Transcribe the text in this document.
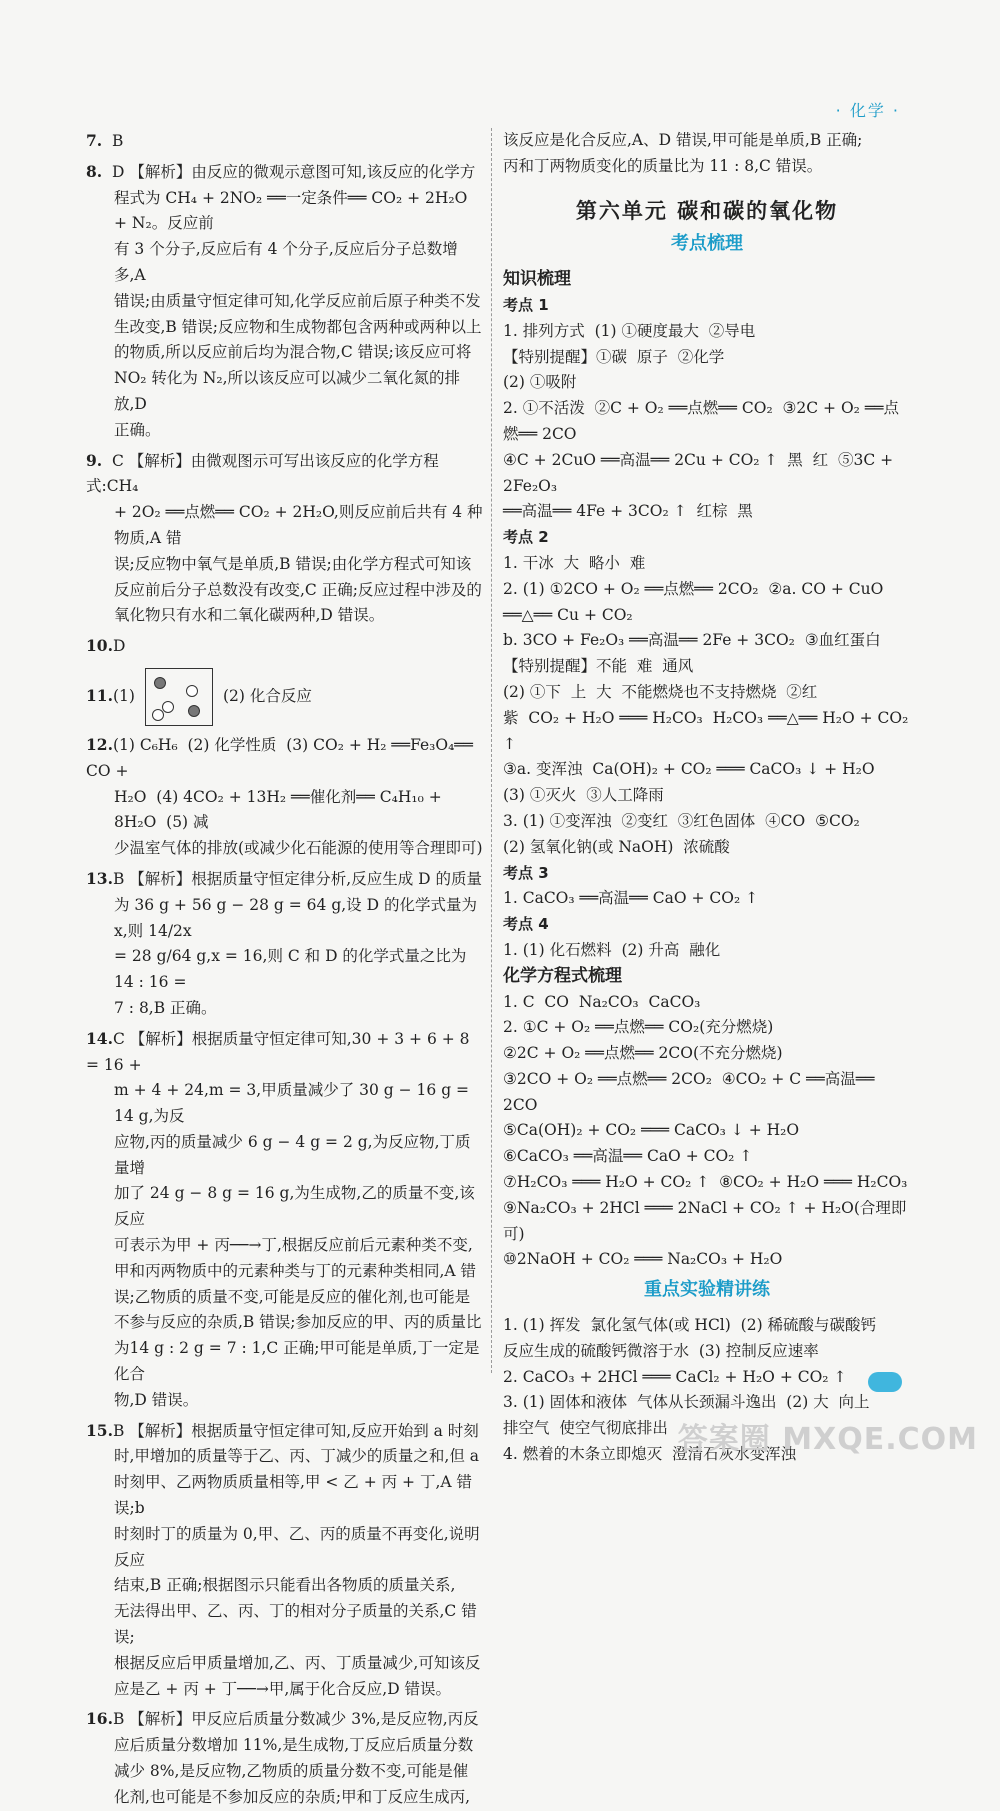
· 化学 ·

7. B

8. D 【解析】由反应的微观示意图可知,该反应的化学方

程式为 CH₄ + 2NO₂ ══一定条件══ CO₂ + 2H₂O + N₂。反应前

有 3 个分子,反应后有 4 个分子,反应后分子总数增多,A

错误;由质量守恒定律可知,化学反应前后原子种类不发

生改变,B 错误;反应物和生成物都包含两种或两种以上

的物质,所以反应前后均为混合物,C 错误;该反应可将

NO₂ 转化为 N₂,所以该反应可以减少二氧化氮的排放,D

正确。

9. C 【解析】由微观图示可写出该反应的化学方程式:CH₄

+ 2O₂ ══点燃══ CO₂ + 2H₂O,则反应前后共有 4 种物质,A 错

误;反应物中氧气是单质,B 错误;由化学方程式可知该

反应前后分子总数没有改变,C 正确;反应过程中涉及的

氧化物只有水和二氧化碳两种,D 错误。

10.D

11.(1)	(2) 化合反应

12.(1) C₆H₆  (2) 化学性质  (3) CO₂ + H₂ ══Fe₃O₄══ CO +

H₂O  (4) 4CO₂ + 13H₂ ══催化剂══ C₄H₁₀ + 8H₂O  (5) 减

少温室气体的排放(或减少化石能源的使用等合理即可)

13.B 【解析】根据质量守恒定律分析,反应生成 D 的质量

为 36 g + 56 g − 28 g = 64 g,设 D 的化学式量为 x,则 14/2x

= 28 g/64 g,x = 16,则 C 和 D 的化学式量之比为 14 : 16 =

7 : 8,B 正确。

14.C 【解析】根据质量守恒定律可知,30 + 3 + 6 + 8 = 16 +

m + 4 + 24,m = 3,甲质量减少了 30 g − 16 g = 14 g,为反

应物,丙的质量减少 6 g − 4 g = 2 g,为反应物,丁质量增

加了 24 g − 8 g = 16 g,为生成物,乙的质量不变,该反应

可表示为甲 + 丙──→丁,根据反应前后元素种类不变,

甲和丙两物质中的元素种类与丁的元素种类相同,A 错

误;乙物质的质量不变,可能是反应的催化剂,也可能是

不参与反应的杂质,B 错误;参加反应的甲、丙的质量比

为14 g : 2 g = 7 : 1,C 正确;甲可能是单质,丁一定是化合

物,D 错误。

15.B 【解析】根据质量守恒定律可知,反应开始到 a 时刻

时,甲增加的质量等于乙、丙、丁减少的质量之和,但 a

时刻甲、乙两物质质量相等,甲 < 乙 + 丙 + 丁,A 错误;b

时刻时丁的质量为 0,甲、乙、丙的质量不再变化,说明反应

结束,B 正确;根据图示只能看出各物质的质量关系,

无法得出甲、乙、丙、丁的相对分子质量的关系,C 错误;

根据反应后甲质量增加,乙、丙、丁质量减少,可知该反

应是乙 + 丙 + 丁──→甲,属于化合反应,D 错误。

16.B 【解析】甲反应后质量分数减少 3%,是反应物,丙反

应后质量分数增加 11%,是生成物,丁反应后质量分数

减少 8%,是反应物,乙物质的质量分数不变,可能是催

化剂,也可能是不参加反应的杂质;甲和丁反应生成丙,

该反应是化合反应,A、D 错误,甲可能是单质,B 正确;

丙和丁两物质变化的质量比为 11 : 8,C 错误。

第六单元 碳和碳的氧化物
考点梳理
知识梳理
考点 1

1. 排列方式  (1) ①硬度最大  ②导电

【特别提醒】①碳  原子  ②化学

(2) ①吸附

2. ①不活泼  ②C + O₂ ══点燃══ CO₂  ③2C + O₂ ══点燃══ 2CO

④C + 2CuO ══高温══ 2Cu + CO₂ ↑  黑  红  ⑤3C + 2Fe₂O₃

══高温══ 4Fe + 3CO₂ ↑  红棕  黑

考点 2

1. 干冰  大  略小  难

2. (1) ①2CO + O₂ ══点燃══ 2CO₂  ②a. CO + CuO ══△══ Cu + CO₂

b. 3CO + Fe₂O₃ ══高温══ 2Fe + 3CO₂  ③血红蛋白

【特别提醒】不能  难  通风

(2) ①下  上  大  不能燃烧也不支持燃烧  ②红

紫  CO₂ + H₂O ═══ H₂CO₃  H₂CO₃ ══△══ H₂O + CO₂ ↑

③a. 变浑浊  Ca(OH)₂ + CO₂ ═══ CaCO₃ ↓ + H₂O

(3) ①灭火  ③人工降雨

3. (1) ①变浑浊  ②变红  ③红色固体  ④CO  ⑤CO₂

(2) 氢氧化钠(或 NaOH)  浓硫酸

考点 3

1. CaCO₃ ══高温══ CaO + CO₂ ↑

考点 4

1. (1) 化石燃料  (2) 升高  融化

化学方程式梳理

1. C  CO  Na₂CO₃  CaCO₃

2. ①C + O₂ ══点燃══ CO₂(充分燃烧)

②2C + O₂ ══点燃══ 2CO(不充分燃烧)

③2CO + O₂ ══点燃══ 2CO₂  ④CO₂ + C ══高温══ 2CO

⑤Ca(OH)₂ + CO₂ ═══ CaCO₃ ↓ + H₂O

⑥CaCO₃ ══高温══ CaO + CO₂ ↑

⑦H₂CO₃ ═══ H₂O + CO₂ ↑  ⑧CO₂ + H₂O ═══ H₂CO₃

⑨Na₂CO₃ + 2HCl ═══ 2NaCl + CO₂ ↑ + H₂O(合理即可)

⑩2NaOH + CO₂ ═══ Na₂CO₃ + H₂O

重点实验精讲练

1. (1) 挥发  氯化氢气体(或 HCl)  (2) 稀硫酸与碳酸钙

反应生成的硫酸钙微溶于水  (3) 控制反应速率

2. CaCO₃ + 2HCl ═══ CaCl₂ + H₂O + CO₂ ↑

3. (1) 固体和液体  气体从长颈漏斗逸出  (2) 大  向上

排空气  使空气彻底排出

4. 燃着的木条立即熄灭  澄清石灰水变浑浊

答案圈 MXQE.COM
